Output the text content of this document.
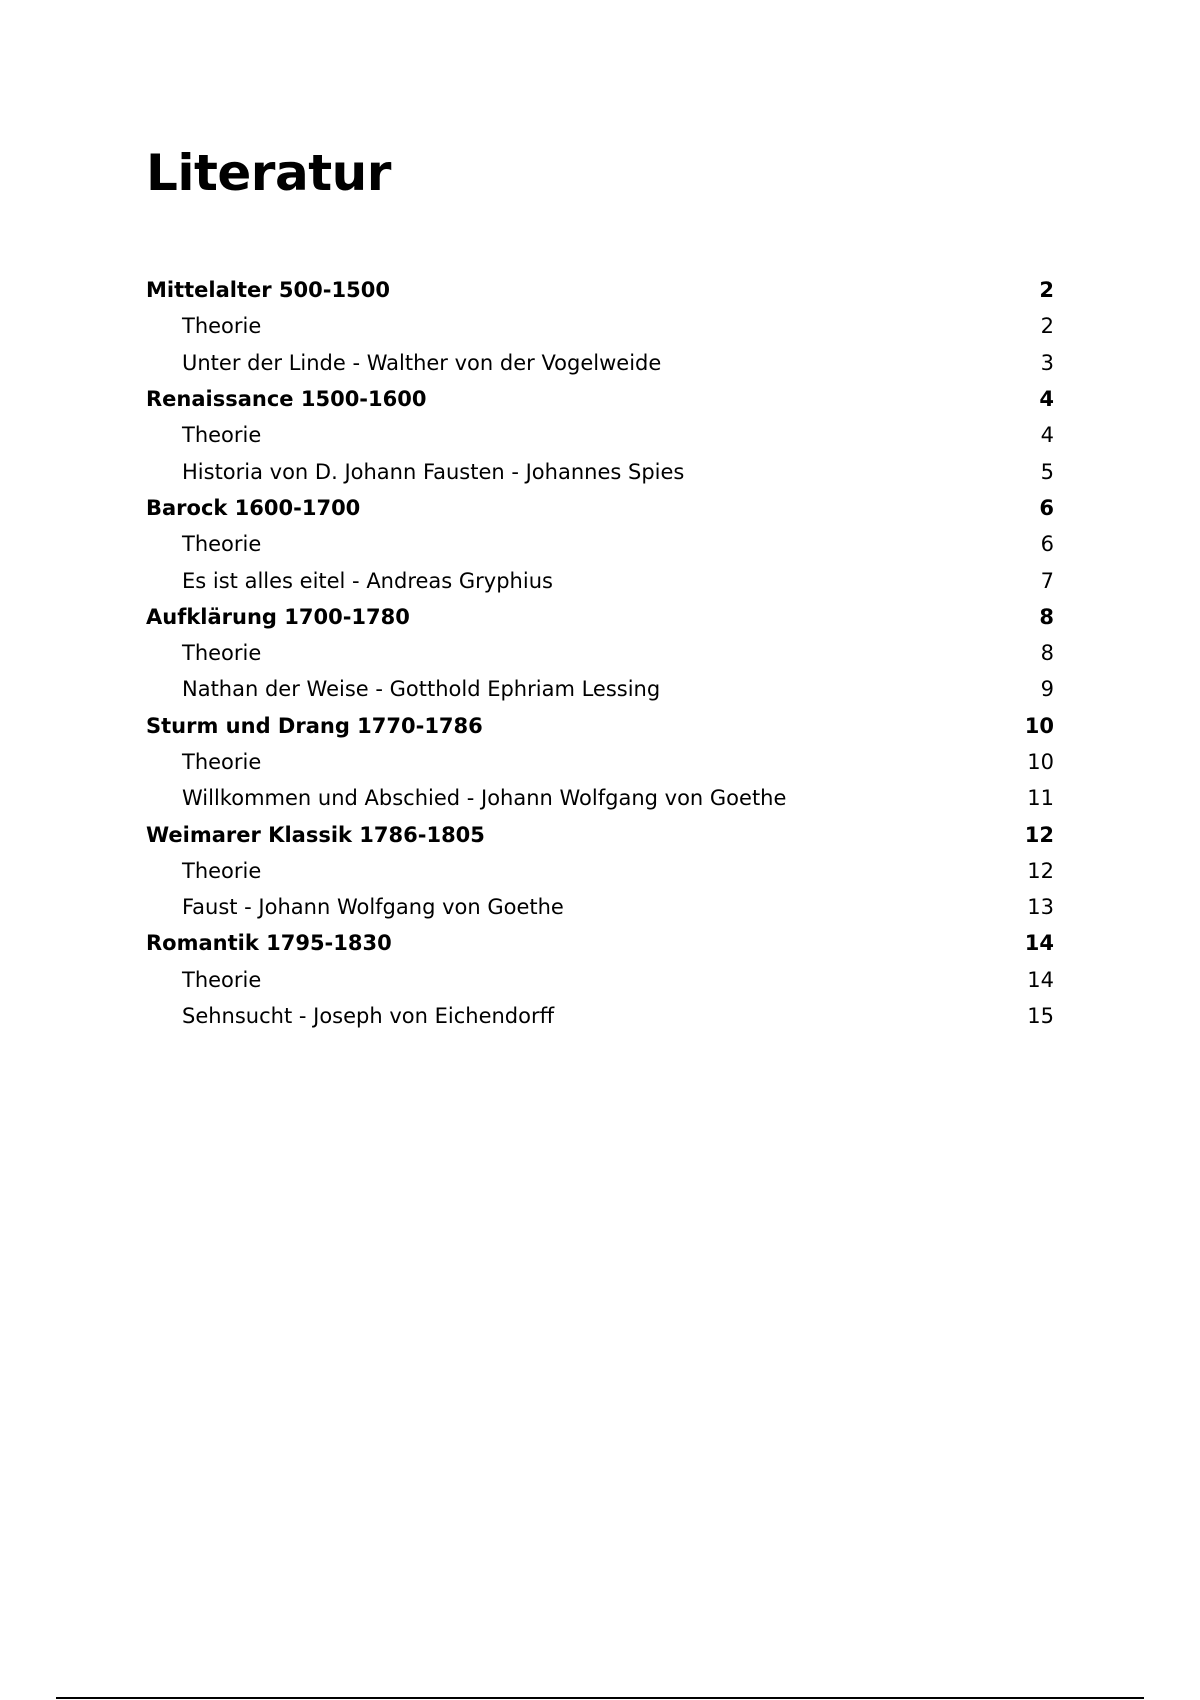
Literatur
Mittelalter 500-1500	2
Theorie	2
Unter der Linde - Walther von der Vogelweide	3
Renaissance 1500-1600	4
Theorie	4
Historia von D. Johann Fausten - Johannes Spies	5
Barock 1600-1700	6
Theorie	6
Es ist alles eitel - Andreas Gryphius	7
Aufklärung 1700-1780	8
Theorie	8
Nathan der Weise - Gotthold Ephriam Lessing	9
Sturm und Drang 1770-1786	10
Theorie	10
Willkommen und Abschied - Johann Wolfgang von Goethe	11
Weimarer Klassik 1786-1805	12
Theorie	12
Faust - Johann Wolfgang von Goethe	13
Romantik 1795-1830	14
Theorie	14
Sehnsucht - Joseph von Eichendorff	15
